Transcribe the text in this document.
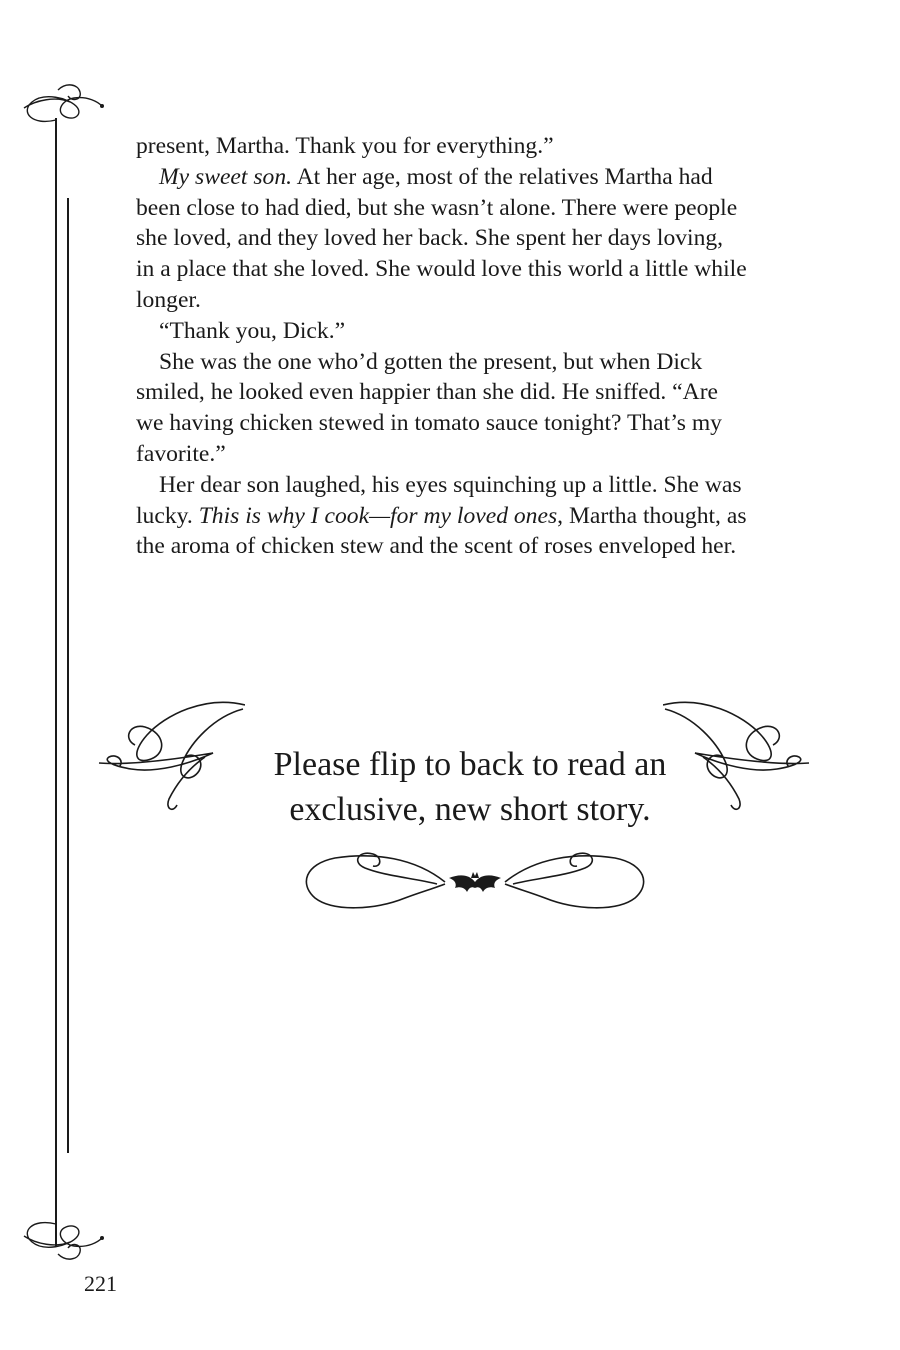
present, Martha. Thank you for everything.”
My sweet son. At her age, most of the relatives Martha had
been close to had died, but she wasn’t alone. There were people
she loved, and they loved her back. She spent her days loving,
in a place that she loved. She would love this world a little while
longer.
“Thank you, Dick.”
She was the one who’d gotten the present, but when Dick
smiled, he looked even happier than she did. He sniffed. “Are
we having chicken stewed in tomato sauce tonight? That’s my
favorite.”
Her dear son laughed, his eyes squinching up a little. She was
lucky. This is why I cook—for my loved ones, Martha thought, as
the aroma of chicken stew and the scent of roses enveloped her.
Please flip to back to read an
exclusive, new short story.
221
